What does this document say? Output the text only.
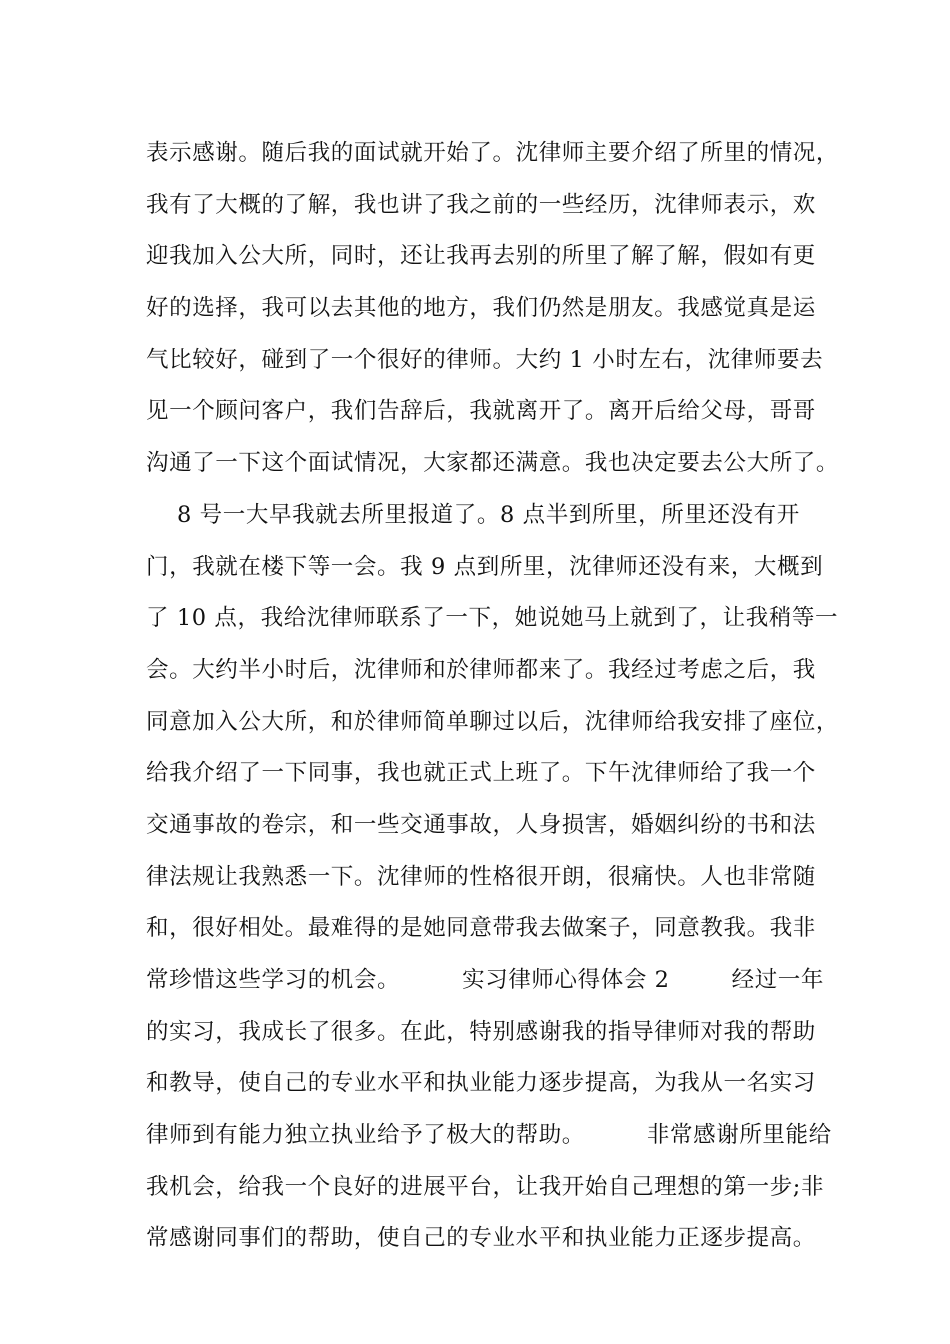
表示感谢。随后我的面试就开始了。沈律师主要介绍了所里的情况，
我有了大概的了解，我也讲了我之前的一些经历，沈律师表示，欢
迎我加入公大所，同时，还让我再去别的所里了解了解，假如有更
好的选择，我可以去其他的地方，我们仍然是朋友。我感觉真是运
气比较好，碰到了一个很好的律师。大约 1 小时左右，沈律师要去
见一个顾问客户，我们告辞后，我就离开了。离开后给父母，哥哥
沟通了一下这个面试情况，大家都还满意。我也决定要去公大所了。
8 号一大早我就去所里报道了。8 点半到所里，所里还没有开
门，我就在楼下等一会。我 9 点到所里，沈律师还没有来，大概到
了 10 点，我给沈律师联系了一下，她说她马上就到了，让我稍等一
会。大约半小时后，沈律师和於律师都来了。我经过考虑之后，我
同意加入公大所，和於律师简单聊过以后，沈律师给我安排了座位，
给我介绍了一下同事，我也就正式上班了。下午沈律师给了我一个
交通事故的卷宗，和一些交通事故，人身损害，婚姻纠纷的书和法
律法规让我熟悉一下。沈律师的性格很开朗，很痛快。人也非常随
和，很好相处。最难得的是她同意带我去做案子，同意教我。我非
常珍惜这些学习的机会。        实习律师心得体会 2        经过一年
的实习，我成长了很多。在此，特别感谢我的指导律师对我的帮助
和教导，使自己的专业水平和执业能力逐步提高，为我从一名实习
律师到有能力独立执业给予了极大的帮助。        非常感谢所里能给
我机会，给我一个良好的进展平台，让我开始自己理想的第一步;非
常感谢同事们的帮助，使自己的专业水平和执业能力正逐步提高。
